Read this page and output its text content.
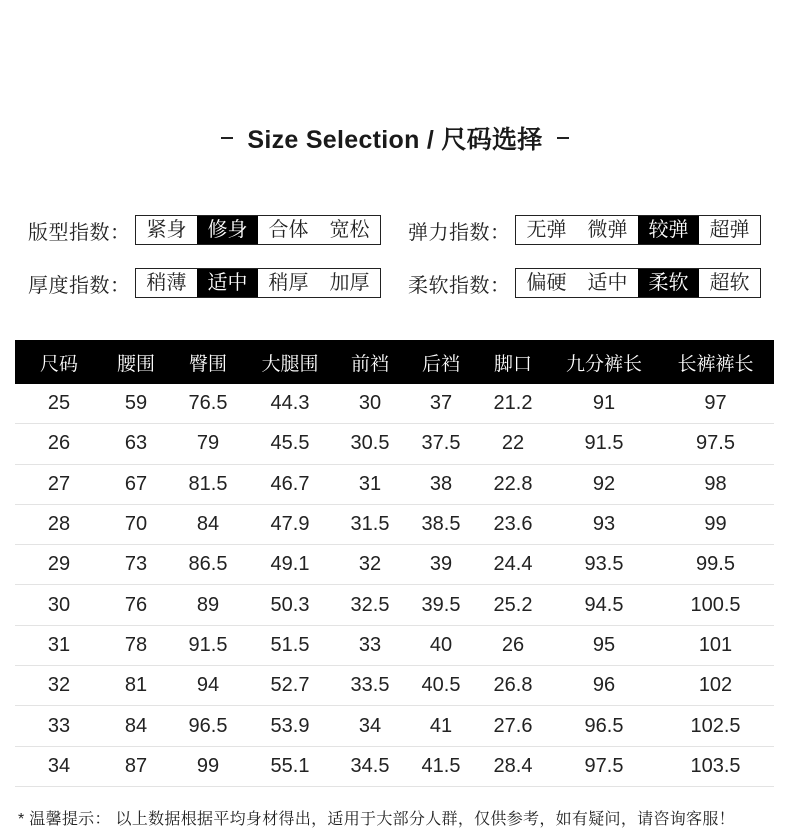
Size Selection / 尺码选择
版型指数： 紧身	修身	合体	宽松	弹力指数： 无弹	微弹	较弹	超弹
厚度指数： 稍薄	适中	稍厚	加厚	柔软指数： 偏硬	适中	柔软	超软
尺码	腰围	臀围	大腿围	前裆	后裆	脚口	九分裤长	长裤裤长
25	59	76.5	44.3	30	37	21.2	91	97
26	63	79	45.5	30.5	37.5	22	91.5	97.5
27	67	81.5	46.7	31	38	22.8	92	98
28	70	84	47.9	31.5	38.5	23.6	93	99
29	73	86.5	49.1	32	39	24.4	93.5	99.5
30	76	89	50.3	32.5	39.5	25.2	94.5	100.5
31	78	91.5	51.5	33	40	26	95	101
32	81	94	52.7	33.5	40.5	26.8	96	102
33	84	96.5	53.9	34	41	27.6	96.5	102.5
34	87	99	55.1	34.5	41.5	28.4	97.5	103.5
* 温馨提示： 以上数据根据平均身材得出，适用于大部分人群，仅供参考，如有疑问，请咨询客服！
